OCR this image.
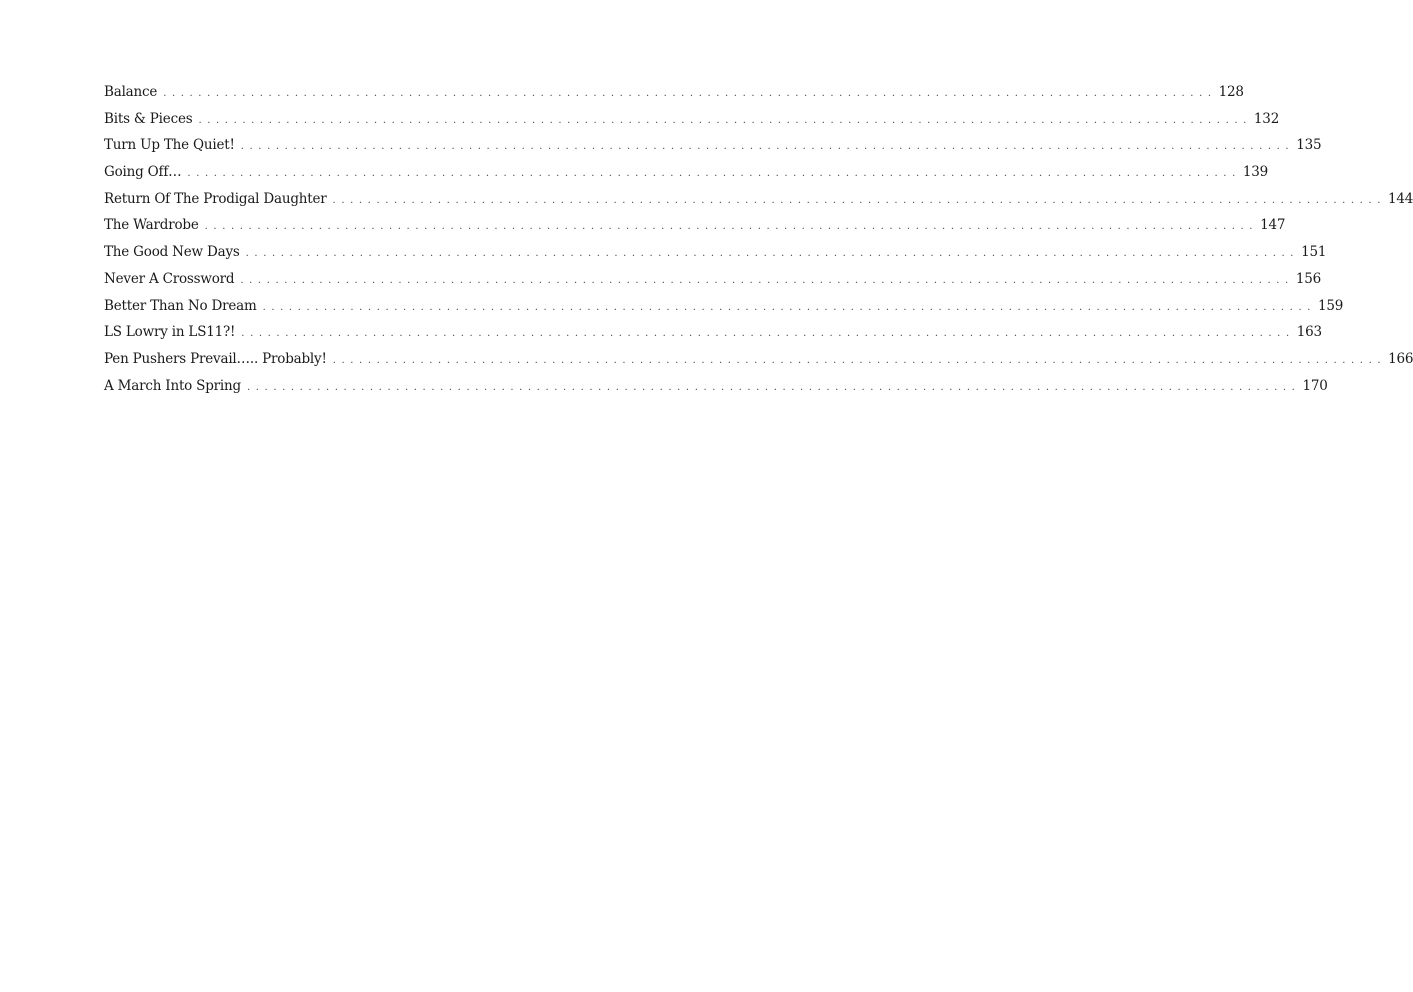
Balance ........................................................................................................................ 128
Bits & Pieces ........................................................................................................................ 132
Turn Up The Quiet! ........................................................................................................................ 135
Going Off… ........................................................................................................................ 139
Return Of The Prodigal Daughter ........................................................................................................................ 144
The Wardrobe ........................................................................................................................ 147
The Good New Days ........................................................................................................................ 151
Never A Crossword ........................................................................................................................ 156
Better Than No Dream ........................................................................................................................ 159
LS Lowry in LS11?! ........................................................................................................................ 163
Pen Pushers Prevail….. Probably! ........................................................................................................................ 166
A March Into Spring ........................................................................................................................ 170
